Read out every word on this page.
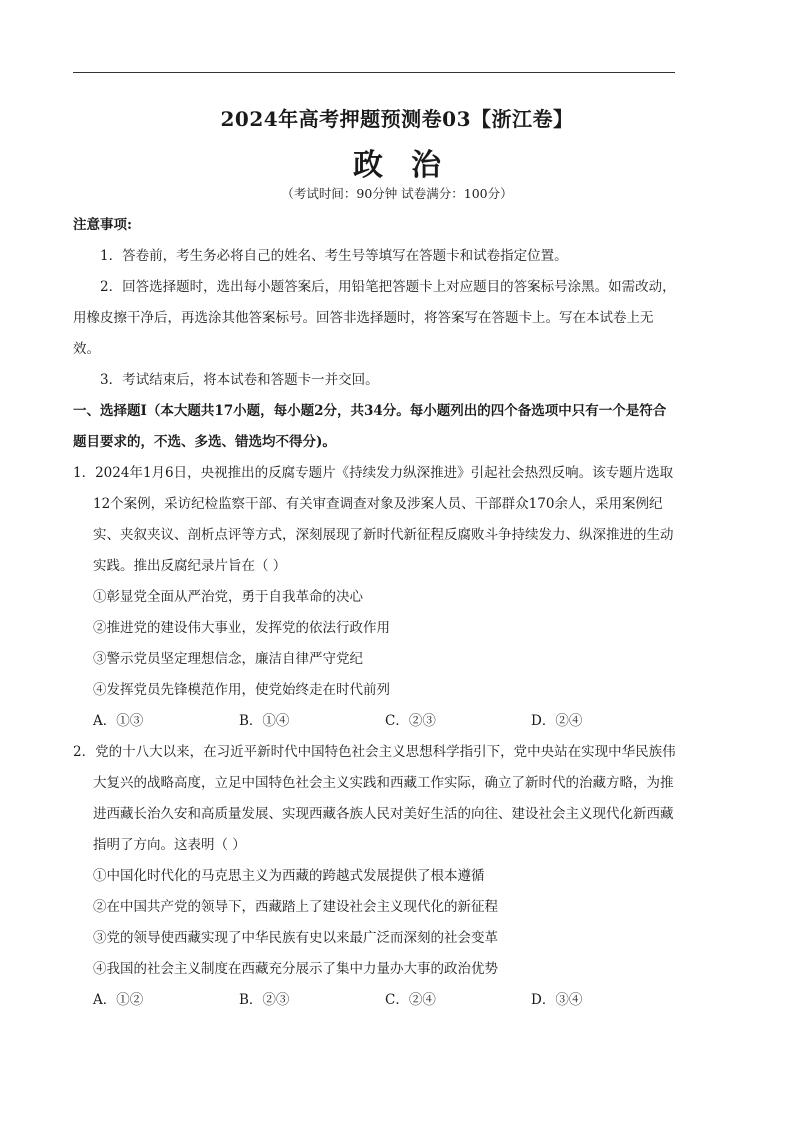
2024年高考押题预测卷03【浙江卷】
政治
（考试时间：90分钟 试卷满分：100分）

注意事项:

1．答卷前，考生务必将自己的姓名、考生号等填写在答题卡和试卷指定位置。

2．回答选择题时，选出每小题答案后，用铅笔把答题卡上对应题目的答案标号涂黑。如需改动，用橡皮擦干净后，再选涂其他答案标号。回答非选择题时，将答案写在答题卡上。写在本试卷上无效。

3．考试结束后，将本试卷和答题卡一并交回。

一、选择题Ⅰ（本大题共17小题，每小题2分，共34分。每小题列出的四个备选项中只有一个是符合题目要求的，不选、多选、错选均不得分)。

1．2024年1月6日，央视推出的反腐专题片《持续发力纵深推进》引起社会热烈反响。该专题片选取12个案例，采访纪检监察干部、有关审查调查对象及涉案人员、干部群众170余人，采用案例纪实、夹叙夹议、剖析点评等方式，深刻展现了新时代新征程反腐败斗争持续发力、纵深推进的生动实践。推出反腐纪录片旨在（ ）

①彰显党全面从严治党，勇于自我革命的决心

②推进党的建设伟大事业，发挥党的依法行政作用

③警示党员坚定理想信念，廉洁自律严守党纪

④发挥党员先锋模范作用，使党始终走在时代前列

A．①③	B．①④	C．②③	D．②④

2．党的十八大以来，在习近平新时代中国特色社会主义思想科学指引下，党中央站在实现中华民族伟大复兴的战略高度，立足中国特色社会主义实践和西藏工作实际，确立了新时代的治藏方略，为推进西藏长治久安和高质量发展、实现西藏各族人民对美好生活的向往、建设社会主义现代化新西藏指明了方向。这表明（ ）

①中国化时代化的马克思主义为西藏的跨越式发展提供了根本遵循

②在中国共产党的领导下，西藏踏上了建设社会主义现代化的新征程

③党的领导使西藏实现了中华民族有史以来最广泛而深刻的社会变革

④我国的社会主义制度在西藏充分展示了集中力量办大事的政治优势

A．①②	B．②③	C．②④	D．③④
